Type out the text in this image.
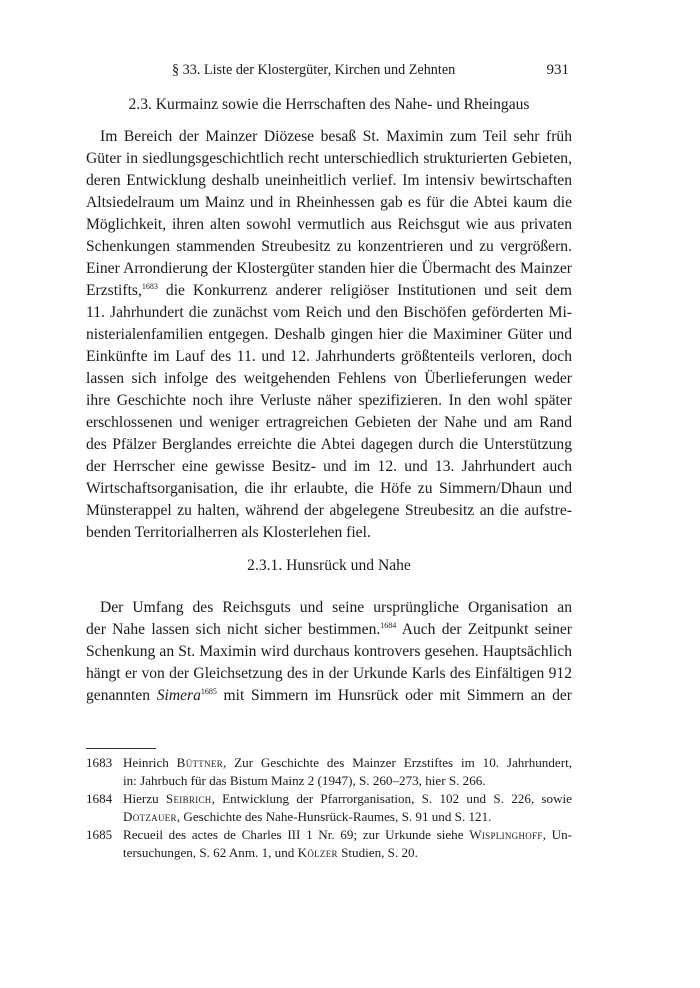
§ 33. Liste der Klostergüter, Kirchen und Zehnten	931
2.3. Kurmainz sowie die Herrschaften des Nahe- und Rheingaus
Im Bereich der Mainzer Diözese besaß St. Maximin zum Teil sehr früh
Güter in siedlungsgeschichtlich recht unterschiedlich strukturierten Gebieten,
deren Entwicklung deshalb uneinheitlich verlief. Im intensiv bewirtschaften
Altsiedelraum um Mainz und in Rheinhessen gab es für die Abtei kaum die
Möglichkeit, ihren alten sowohl vermutlich aus Reichsgut wie aus privaten
Schenkungen stammenden Streubesitz zu konzentrieren und zu vergrößern.
Einer Arrondierung der Klostergüter standen hier die Übermacht des Mainzer
Erzstifts,$^{1683}$ die Konkurrenz anderer religiöser Institutionen und seit dem
11. Jahrhundert die zunächst vom Reich und den Bischöfen geförderten Mi-
nisterialenfamilien entgegen. Deshalb gingen hier die Maximiner Güter und
Einkünfte im Lauf des 11. und 12. Jahrhunderts größtenteils verloren, doch
lassen sich infolge des weitgehenden Fehlens von Überlieferungen weder
ihre Geschichte noch ihre Verluste näher spezifizieren. In den wohl später
erschlossenen und weniger ertragreichen Gebieten der Nahe und am Rand
des Pfälzer Berglandes erreichte die Abtei dagegen durch die Unterstützung
der Herrscher eine gewisse Besitz- und im 12. und 13. Jahrhundert auch
Wirtschaftsorganisation, die ihr erlaubte, die Höfe zu Simmern/Dhaun und
Münsterappel zu halten, während der abgelegene Streubesitz an die aufstre-
benden Territorialherren als Klosterlehen fiel.
2.3.1. Hunsrück und Nahe
Der Umfang des Reichsguts und seine ursprüngliche Organisation an
der Nahe lassen sich nicht sicher bestimmen.$^{1684}$ Auch der Zeitpunkt seiner
Schenkung an St. Maximin wird durchaus kontrovers gesehen. Hauptsächlich
hängt er von der Gleichsetzung des in der Urkunde Karls des Einfältigen 912
genannten Simera$^{1685}$ mit Simmern im Hunsrück oder mit Simmern an der
1683 Heinrich Büttner, Zur Geschichte des Mainzer Erzstiftes im 10. Jahrhundert,
in: Jahrbuch für das Bistum Mainz 2 (1947), S. 260–273, hier S. 266.
1684 Hierzu Seibrich, Entwicklung der Pfarrorganisation, S. 102 und S. 226, sowie
Dotzauer, Geschichte des Nahe-Hunsrück-Raumes, S. 91 und S. 121.
1685 Recueil des actes de Charles III 1 Nr. 69; zur Urkunde siehe Wisplinghoff, Un-
tersuchungen, S. 62 Anm. 1, und Kölzer Studien, S. 20.
